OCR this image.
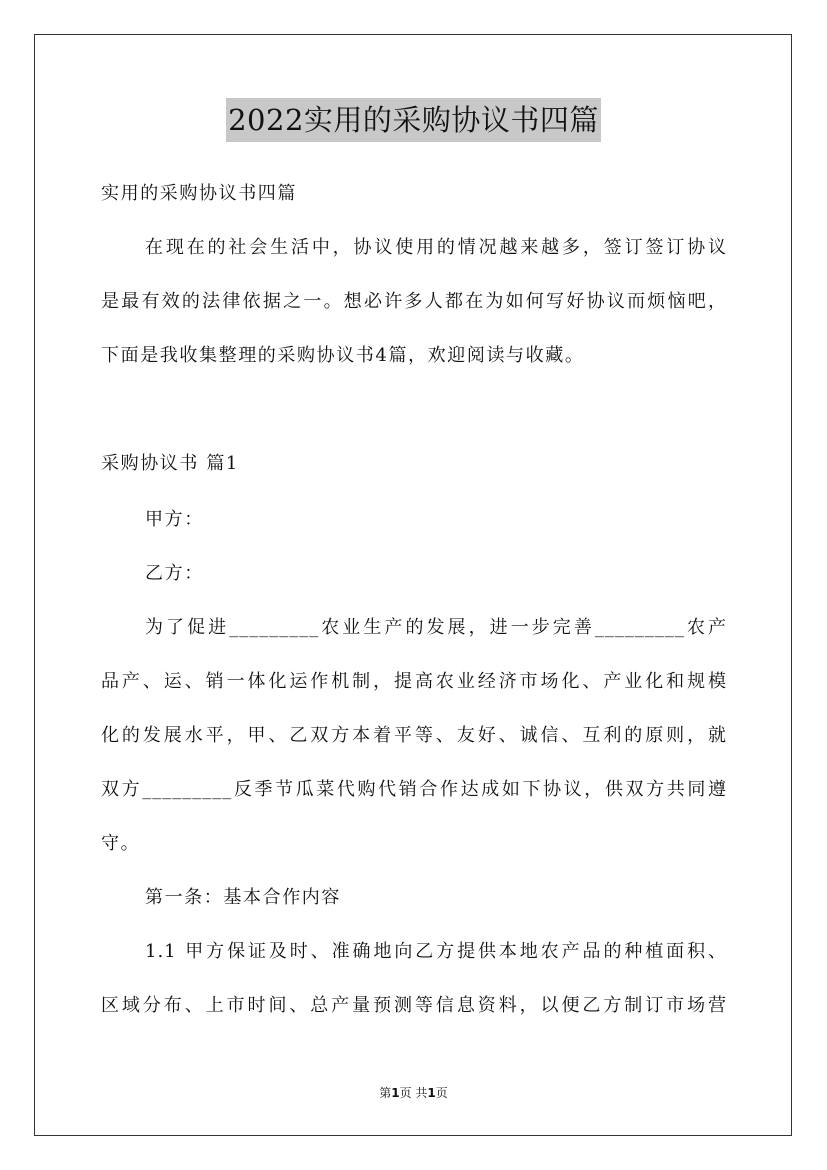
2022实用的采购协议书四篇
实用的采购协议书四篇
在现在的社会生活中，协议使用的情况越来越多，签订签订协议
是最有效的法律依据之一。想必许多人都在为如何写好协议而烦恼吧，
下面是我收集整理的采购协议书4篇，欢迎阅读与收藏。
采购协议书 篇1
甲方：
乙方：
为了促进_________农业生产的发展，进一步完善_________农产
品产、运、销一体化运作机制，提高农业经济市场化、产业化和规模
化的发展水平，甲、乙双方本着平等、友好、诚信、互利的原则，就
双方_________反季节瓜菜代购代销合作达成如下协议，供双方共同遵
守。
第一条：基本合作内容
1.1 甲方保证及时、准确地向乙方提供本地农产品的种植面积、
区域分布、上市时间、总产量预测等信息资料，以便乙方制订市场营
第1页 共1页
